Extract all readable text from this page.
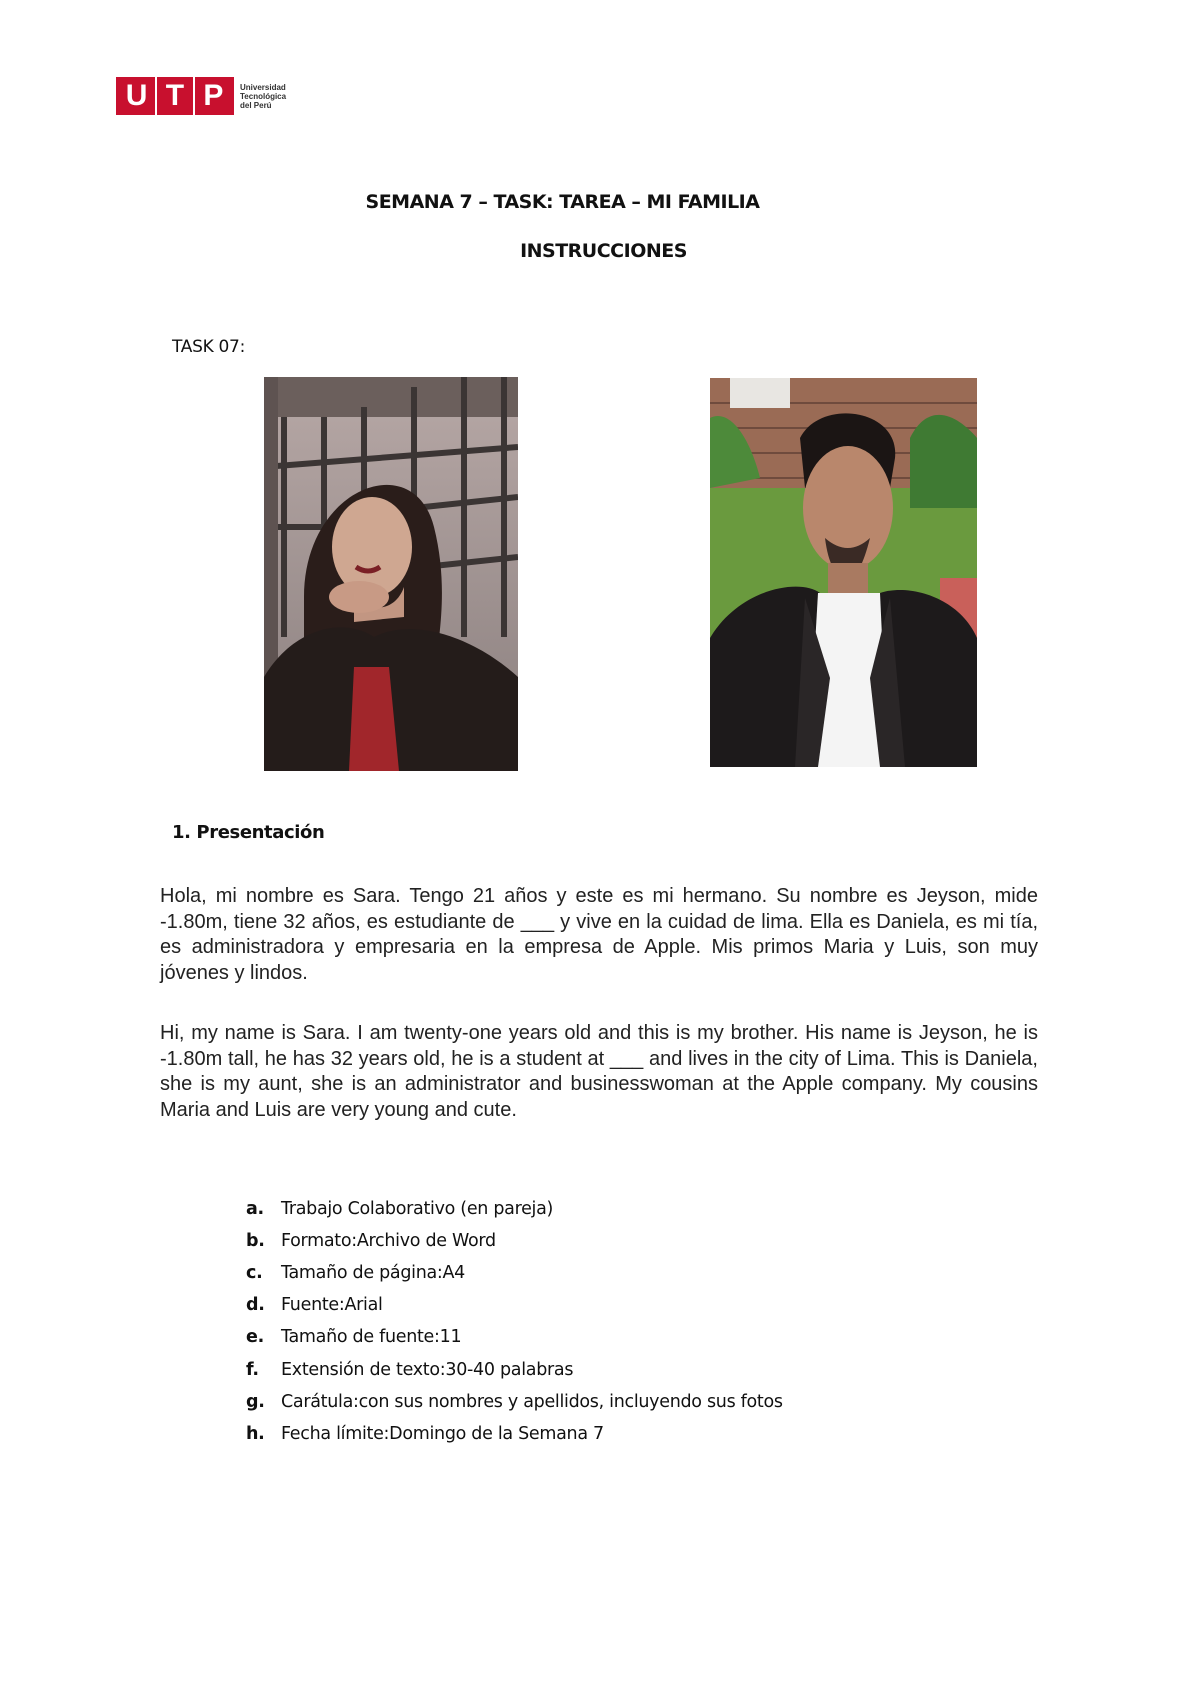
U T P	Universidad
Tecnológica
del Perú
SEMANA 7 – TASK: TAREA – MI FAMILIA
INSTRUCCIONES
TASK 07:
1. Presentación

Hola, mi nombre es Sara. Tengo 21 años y este es mi hermano. Su nombre es Jeyson, mide -1.80m, tiene 32 años, es estudiante de ___ y vive en la cuidad de lima. Ella es Daniela, es mi tía, es administradora y empresaria en la empresa de Apple. Mis primos Maria y Luis, son muy jóvenes y lindos.

Hi, my name is Sara. I am twenty-one years old and this is my brother. His name is Jeyson, he is -1.80m tall, he has 32 years old, he is a student at ___ and lives in the city of Lima. This is Daniela, she is my aunt, she is an administrator and businesswoman at the Apple company. My cousins Maria and Luis are very young and cute.

a. Trabajo Colaborativo (en pareja)
b. Formato: Archivo de Word
c.	Tamaño de página: A4
d. Fuente: Arial
e. Tamaño de fuente: 11
f.	Extensión de texto: 30-40 palabras
g. Carátula: con sus nombres y apellidos, incluyendo sus fotos
h. Fecha límite: Domingo de la Semana 7
